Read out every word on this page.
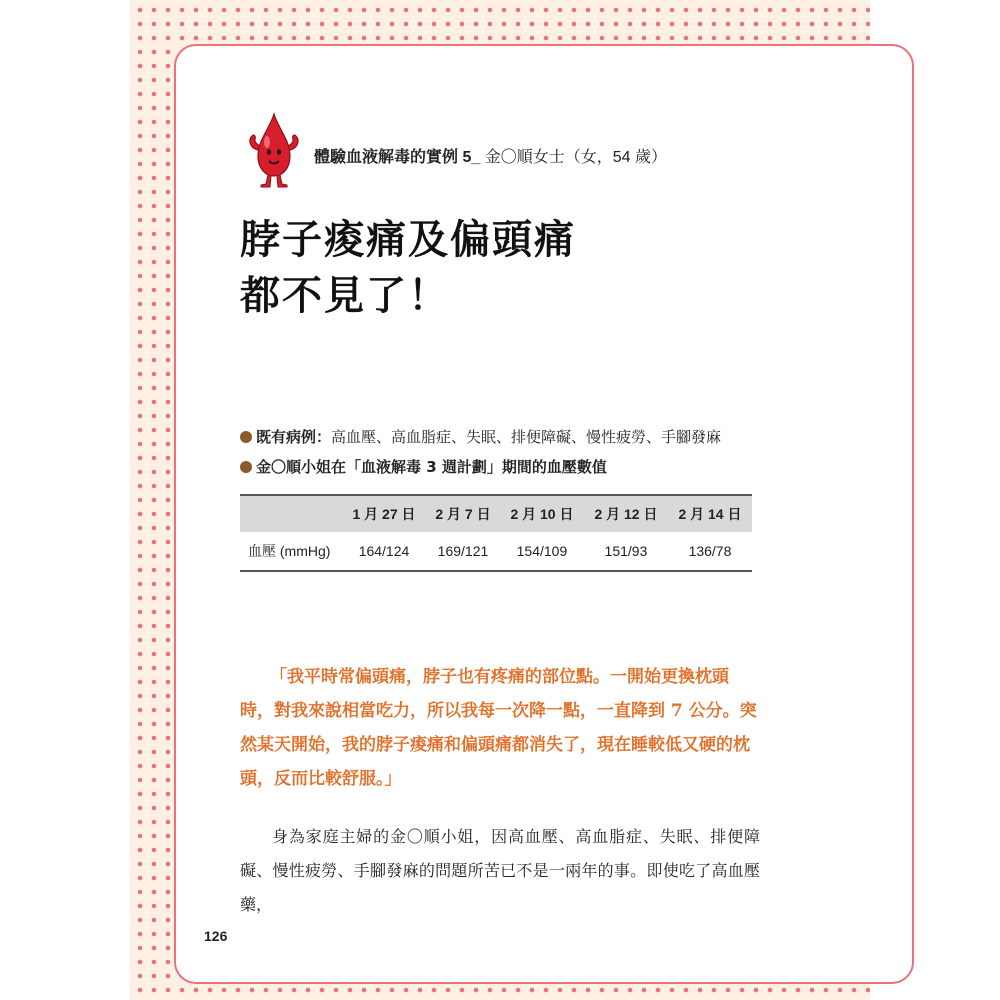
體驗血液解毒的實例 5_ 金〇順女士（女，54 歲）
脖子痠痛及偏頭痛
都不見了！
既有病例：高血壓、高血脂症、失眠、排便障礙、慢性疲勞、手腳發麻
金〇順小姐在「血液解毒 3 週計劃」期間的血壓數值
	1 月 27 日	2 月 7 日	2 月 10 日	2 月 12 日	2 月 14 日
血壓 (mmHg)	164/124	169/121	154/109	151/93	136/78

「我平時常偏頭痛，脖子也有疼痛的部位點。一開始更換枕頭時，對我來說相當吃力，所以我每一次降一點，一直降到 7 公分。突然某天開始，我的脖子痠痛和偏頭痛都消失了，現在睡較低又硬的枕頭，反而比較舒服。」

身為家庭主婦的金〇順小姐，因高血壓、高血脂症、失眠、排便障礙、慢性疲勞、手腳發麻的問題所苦已不是一兩年的事。即使吃了高血壓藥，

126
